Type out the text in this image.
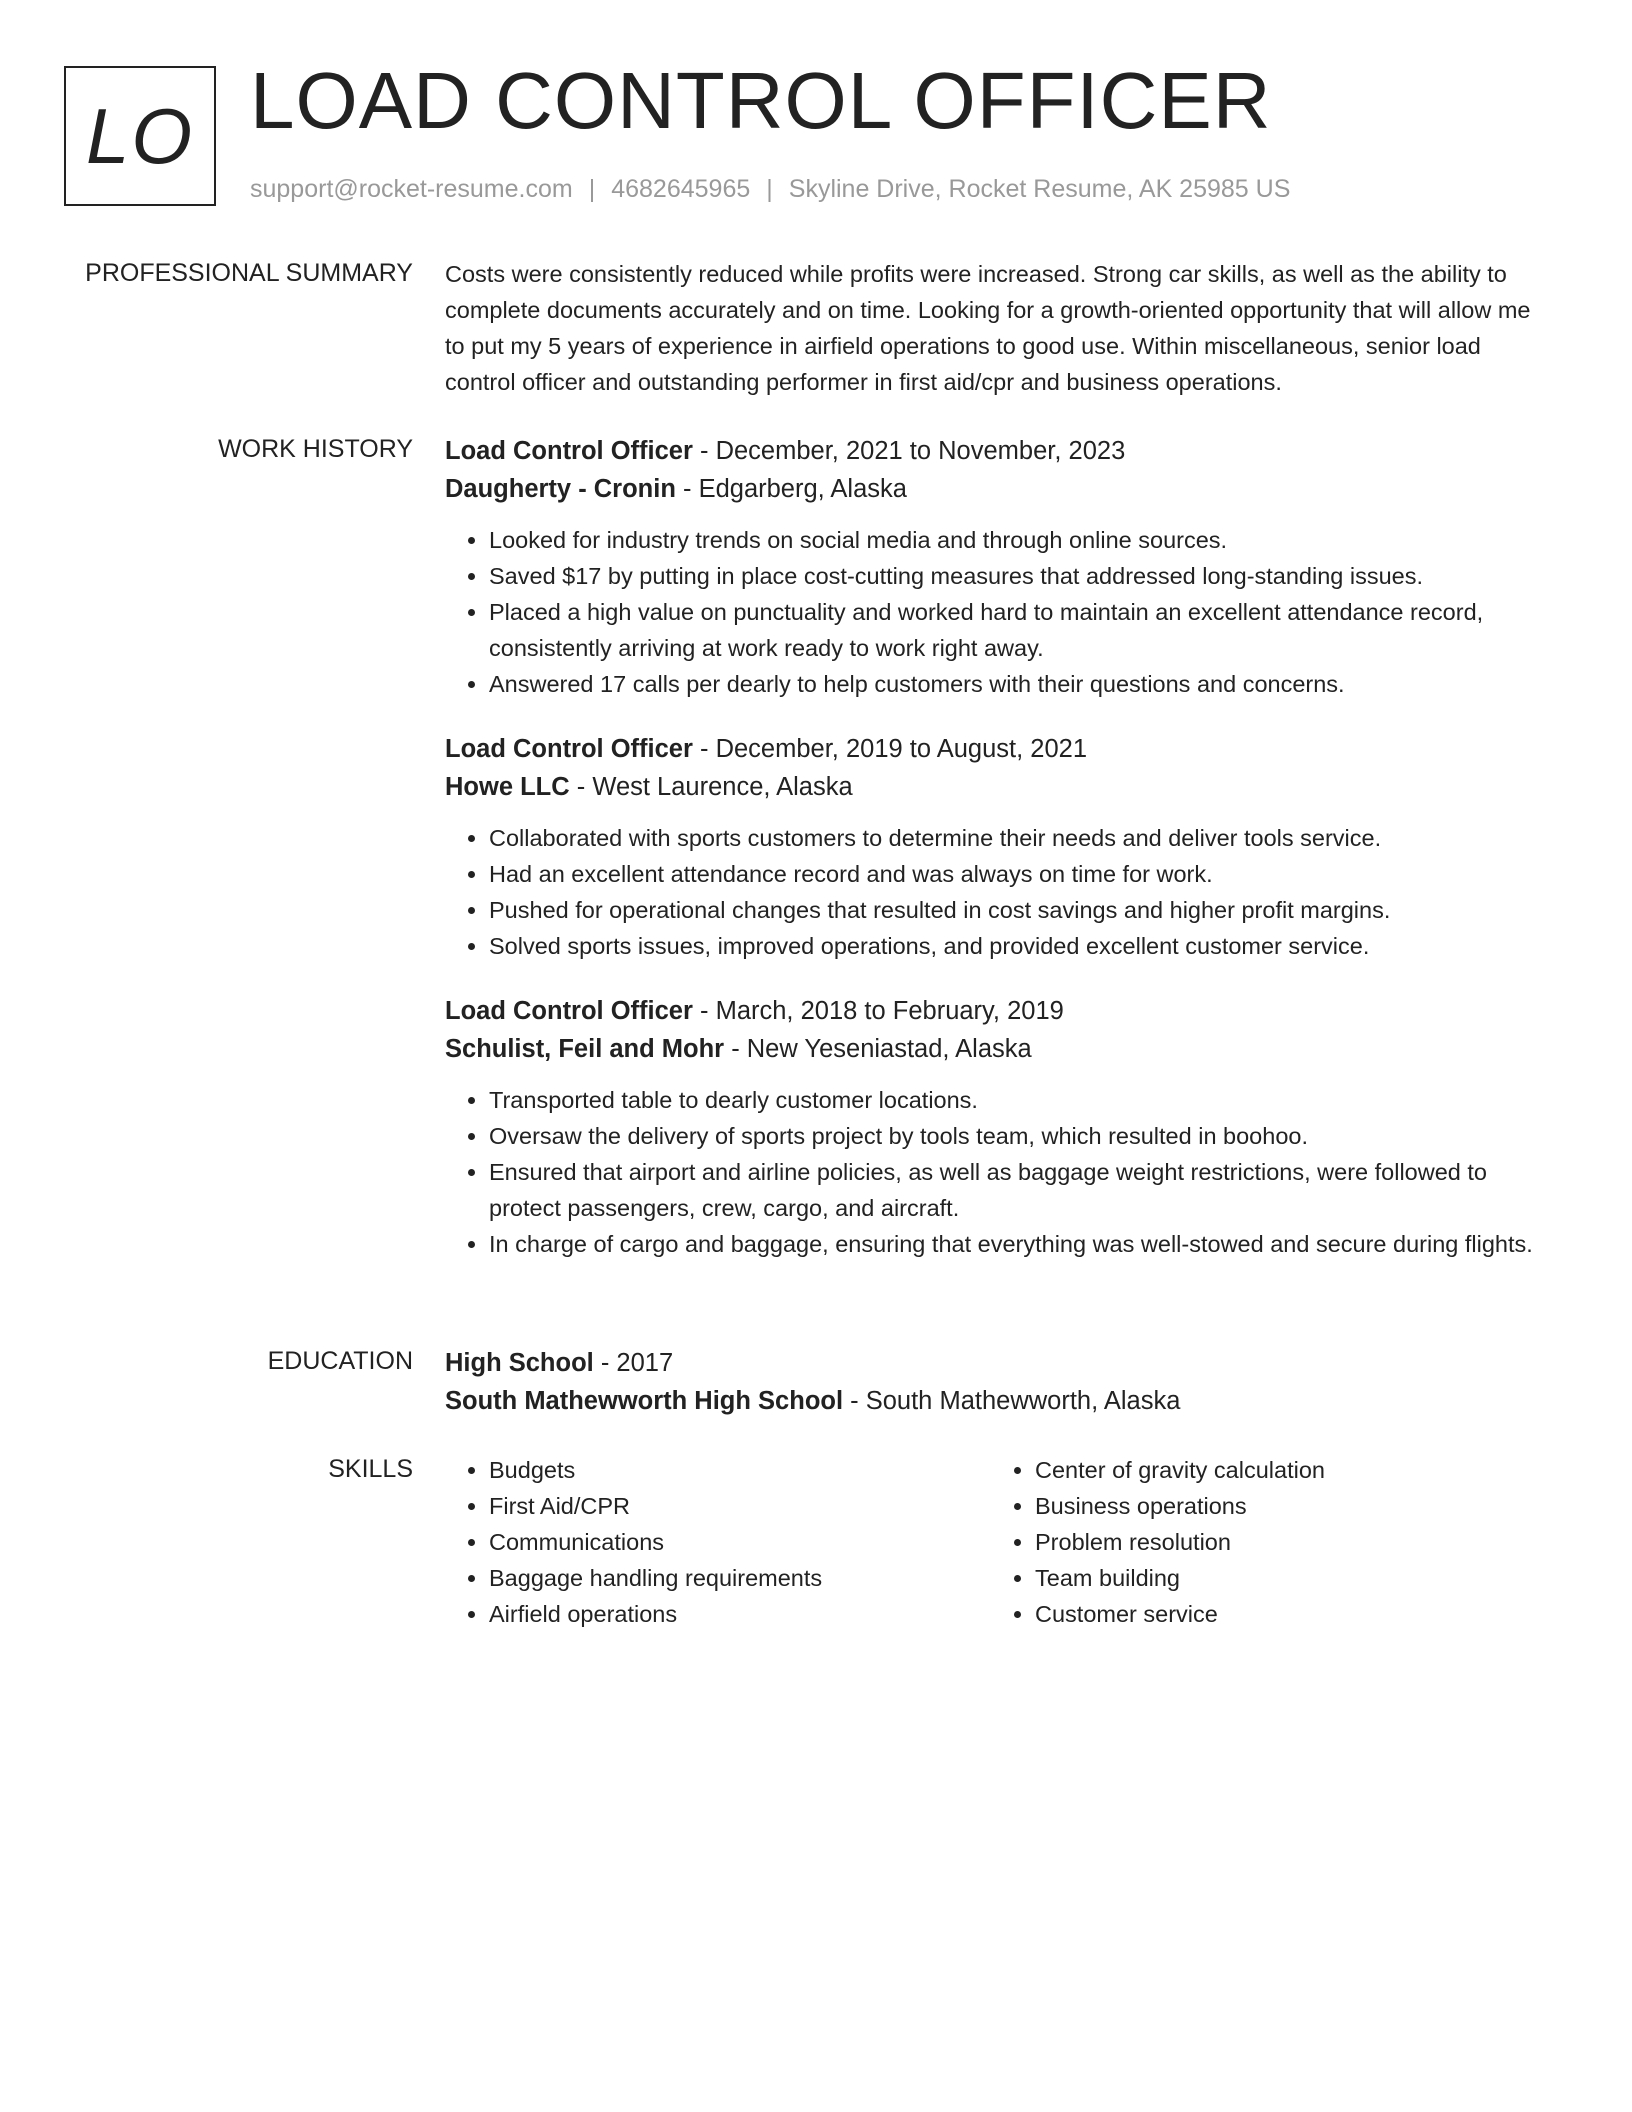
LO LOAD CONTROL OFFICER
support@rocket-resume.com | 4682645965 | Skyline Drive, Rocket Resume, AK 25985 US
PROFESSIONAL SUMMARY Costs were consistently reduced while profits were increased. Strong car skills, as well as the ability to complete documents accurately and on time. Looking for a growth-oriented opportunity that will allow me to put my 5 years of experience in airfield operations to good use. Within miscellaneous, senior load control officer and outstanding performer in first aid/cpr and business operations.

WORK HISTORY Load Control Officer - December, 2021 to November, 2023
Daugherty - Cronin - Edgarberg, Alaska
• Looked for industry trends on social media and through online sources.
• Saved $17 by putting in place cost-cutting measures that addressed long-standing issues.
• Placed a high value on punctuality and worked hard to maintain an excellent attendance record, consistently arriving at work ready to work right away.
• Answered 17 calls per dearly to help customers with their questions and concerns.
Load Control Officer - December, 2019 to August, 2021
Howe LLC - West Laurence, Alaska
• Collaborated with sports customers to determine their needs and deliver tools service.
• Had an excellent attendance record and was always on time for work.
• Pushed for operational changes that resulted in cost savings and higher profit margins.
• Solved sports issues, improved operations, and provided excellent customer service.
Load Control Officer - March, 2018 to February, 2019
Schulist, Feil and Mohr - New Yeseniastad, Alaska
• Transported table to dearly customer locations.
• Oversaw the delivery of sports project by tools team, which resulted in boohoo.
• Ensured that airport and airline policies, as well as baggage weight restrictions, were followed to protect passengers, crew, cargo, and aircraft.
• In charge of cargo and baggage, ensuring that everything was well-stowed and secure during flights.
EDUCATION High School - 2017
South Mathewworth High School - South Mathewworth, Alaska
SKILLS
•	Budgets
• First Aid/CPR
• Communications
• Baggage handling requirements
• Airfield operations
• Center of gravity calculation
• Business operations
• Problem resolution
• Team building
• Customer service
